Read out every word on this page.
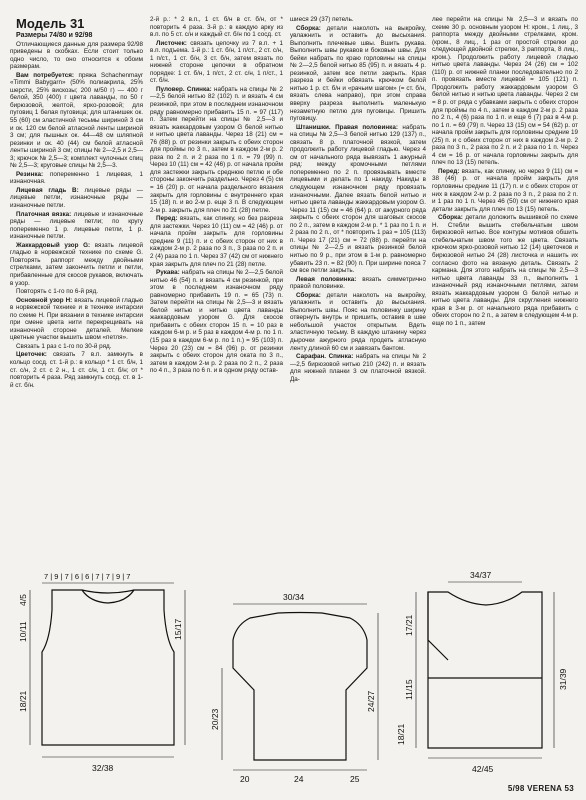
Модель 31

Размеры 74/80 и 92/98

Отличающиеся данные для размера 92/98 приведены в скобках. Если стоит только одно число, то оно относится к обоим размерам.

Вам потребуется: пряжа Schachenmayr «Timmi Babygarn» (50% полиакрила, 25% шерсти, 25% вискозы; 200 м/50 г) — 400 г белой, 350 (400) г цвета лаванды, по 50 г бирюзовой, желтой, ярко-розовой; для пуговиц 1 белая пуговица; для штанишек ок. 55 (60) см эластичной тесьмы шириной 3 см и ок. 120 см белой атласной ленты шириной 3 см; для пышных ок. 44—48 см шляпной резинки и ок. 40 (44) см белой атласной ленты шириной 3 см; спицы № 2—2,5 и 2,5—3; крючок № 2,5—3; комплект чулочных спиц № 2,5—3; круговые спицы № 2,5—3.

Резинка: попеременно 1 лицевая, 1 изнаночная.

Лицевая гладь В: лицевые ряды — лицевые петли, изнаночные ряды — изнаночные петли.

Платочная вязка: лицевые и изнаночные ряды — лицевые петли; по кругу попеременно 1 р. лицевые петли, 1 р. изнаночные петли.

Жаккардовый узор G: вязать лицевой гладью в норвежской технике по схеме G. Повторять раппорт между двойными стрелками, затем закончить петли и петли, прибавленные для скосов рукавов, включать в узор.

Повторять с 1-го по 6-й ряд.

Основной узор H: вязать лицевой гладью в норвежской технике и в технике интарсии по схеме H. При вязании в технике интарсии при смене цвета нити перекрещивать на изнаночной стороне деталей. Мелкие цветные участки вышить швом «петля».

Связать 1 раз с 1-го по 30-й ряд.

Цветочек: связать 7 в.п. замкнуть в кольцо сосд. ст. 1-й р.: в кольцо * 1 ст. б/н, 1 ст. с/н, 2 ст. с 2 н., 1 ст. с/н, 1 ст. б/н; от * повторить 4 раза. Ряд замкнуть сосд. ст. в 1-й ст. б/н.

2-й р.: * 2 в.п., 1 ст. б/н в ст. б/н, от * повторить 4 раза. 3-й р.: в каждую арку из в.п. по 5 ст. с/н и каждый ст. б/н по 1 сосд. ст.

Листочек: связать цепочку из 7 в.п. + 1 в.п. подъема. 1-й р.: 1 ст. б/н, 1 п/ст., 2 ст. с/н, 1 п/ст., 1 ст. б/н, 3 ст. б/н, затем вязать по нижней стороне цепочки в обратном порядке: 1 ст. б/н, 1 п/ст., 2 ст. с/н, 1 п/ст., 1 ст. б/н.

Пуловер. Спинка: набрать на спицы № 2—2,5 белой нитью 82 (102) п. и вязать 4 см резинкой, при этом в последнем изнаночном ряду равномерно прибавить 15 п. = 97 (117) п. Затем перейти на спицы № 2,5—3 и вязать жаккардовым узором G белой нитью и нитью цвета лаванды. Через 18 (21) см = 76 (88) р. от резинки закрыть с обеих сторон для проймы по 3 п., затем в каждом 2-м р. 2 раза по 2 п. и 2 раза по 1 п. = 79 (99) п. Через 10 (11) см = 42 (46) р. от начала пройм для застежки закрыть среднюю петлю и обе стороны закончить раздельно. Через 4 (5) см = 16 (20) р. от начала раздельного вязания закрыть для горловины с внутреннего края 15 (18) п. и во 2-м р. еще 3 п. В следующем 2-м р. закрыть для плеч по 21 (28) петле.

Перед: вязать, как спинку, но без разреза для застежки. Через 10 (11) см = 42 (46) р. от начала пройм закрыть для горловины средние 9 (11) п. и с обеих сторон от них в каждом 2-м р. 2 раза по 3 п., 3 раза по 2 п. и 2 (4) раза по 1 п. Через 37 (42) см от нижнего края закрыть для плеч по 21 (28) петле.

Рукава: набрать на спицы № 2—2,5 белой нитью 46 (54) п. и вязать 4 см резинкой, при этом в последнем изнаночном ряду равномерно прибавить 19 п. = 65 (73) п. Затем перейти на спицы № 2,5—3 и вязать белой нитью и нитью цвета лаванды жаккардовым узором G. Для скосов прибавить с обеих сторон 15 п. = 10 раз в каждом 6-м р. и 5 раз в каждом 4-м р. по 1 п. (15 раз в каждом 6-м р. по 1 п.) = 95 (103) п. Через 20 (23) см = 84 (96) р. от резинки закрыть с обеих сторон для оката по 3 п., затем в каждом 2-м р. 2 раза по 2 п., 2 раза по 4 п., 3 раза по 6 п. и в одном ряду остав-

шиеся 29 (37) петель.

Сборка: детали наколоть на выкройку, увлажнить и оставить до высыхания. Выполнить плечевые швы. Вшить рукава. Выполнить швы рукавов и боковые швы. Для бейки набрать по краю горловины на спицы № 2—2,5 белой нитью 85 (95) п. и вязать 4 р. резинкой, затем все петли закрыть. Края разреза и бейки обвязать крючком белой нитью 1 р. ст. б/н и «рачьим шагом» (= ст. б/н, вязать слева направо), при этом справа вверху разреза выполнить маленькую незаметную петлю для пуговицы. Пришить пуговицу.

Штанишки. Правая половинка: набрать на спицы № 2,5—3 белой нитью 129 (137) п., связать 8 р. платочной вязкой, затем продолжить работу лицевой гладью. Через 4 см от начального ряда вывязать 1 ажурный ряд: между кромочными петлями попеременно по 2 п. провязывать вместе лицевыми и делать по 1 накиду. Накиды в следующем изнаночном ряду провязать изнаночными. Далее вязать белой нитью и нитью цвета лаванды жаккардовым узором G. Через 11 (15) см = 46 (64) р. от ажурного ряда закрыть с обеих сторон для шаговых скосов по 2 п., затем в каждом 2-м р. * 1 раз по 1 п. и 2 раза по 2 п., от * повторить 1 раз = 105 (113) п. Через 17 (21) см = 72 (88) р. перейти на спицы № 2—2,5 и вязать резинкой белой нитью по 9 р., при этом в 1-м р. равномерно убавить 23 п. = 82 (90) п. При ширине пояса 7 см все петли закрыть.

Левая половинка: вязать симметрично правой половинке.

Сборка: детали наколоть на выкройку, увлажнить и оставить до высыхания. Выполнить швы. Пояс на половинку ширину отвернуть внутрь и пришить, оставив в шве небольшой участок открытым. Вдеть эластичную тесьму. В каждую штанину через дырочки ажурного ряда продеть атласную ленту длиной 60 см и завязать бантом.

Сарафан. Спинка: набрать на спицы № 2—2,5 бирюзовой нитью 210 (242) п. и вязать для нижней планки 3 см платочной вязкой. Да-

лее перейти на спицы № 2,5—3 и вязать по схеме 30 р. основным узором Н: кром., 1 лиц., 3 раппорта между двойными стрелками, кром. (кром., 8 лиц., 1 раз от простой стрелки до следующей двойной стрелки, 3 раппорта, 8 лиц., кром.). Продолжить работу лицевой гладью нитью цвета лаванды. Через 24 (26) см = 102 (110) р. от нижней планки последовательно по 2 п. провязать вместе лицевой = 105 (121) п. Продолжить работу жаккардовым узором G белой нитью и нитью цвета лаванды. Через 2 см = 8 р. от ряда с убавками закрыть с обеих сторон для проймы по 4 п., затем в каждом 2-м р. 2 раза по 2 п., 4 (6) раза по 1 п. и еще 6 (7) раз в 4-м р. по 1 п. = 69 (79) п. Через 13 (15) см = 54 (62) р. от начала пройм закрыть для горловины средние 19 (25) п. и с обеих сторон от них в каждом 2-м р. 2 раза по 3 п., 2 раза по 2 п. и 2 раза по 1 п. Через 4 см = 16 р. от начала горловины закрыть для плеч по 13 (15) петель.

Перед: вязать, как спинку, но через 9 (11) см = 38 (46) р. от начала пройм закрыть для горловины средние 11 (17) п. и с обеих сторон от них в каждом 2-м р. 2 раза по 3 п., 2 раза по 2 п. и 1 раз по 1 п. Через 46 (50) см от нижнего края детали закрыть для плеч по 13 (15) петель.

Сборка: детали доложить вышивкой по схеме Н. Стебли вышить стебельчатым швом бирюзовой нитью. Все контуры мотивов обшить стебельчатым швом того же цвета. Связать крючком ярко-розовой нитью 12 (14) цветочков и бирюзовой нитью 24 (28) листочка и нашить их согласно фото на вязаную деталь. Связать 2 кармана. Для этого набрать на спицы № 2,5—3 нитью цвета лаванды 33 п., выполнить 1 изнаночный ряд изнаночными петлями, затем вязать жаккардовым узором G белой нитью и нитью цвета лаванды. Для скругления нижнего края в 3-м р. от начального ряда прибавить с обеих сторон по 2 п., а затем в следующем 4-м р. еще по 1 п., затем

7 | 9 | 7 | 6 | 6 | 7 | 7 | 9 | 7
18/21
10/11
4/5
15/17
32/38
30/34
20/23
24/27
20	24	25
34/37
17/21
11/15
18/21
31/39
42/45
5/98 VERENA 53
